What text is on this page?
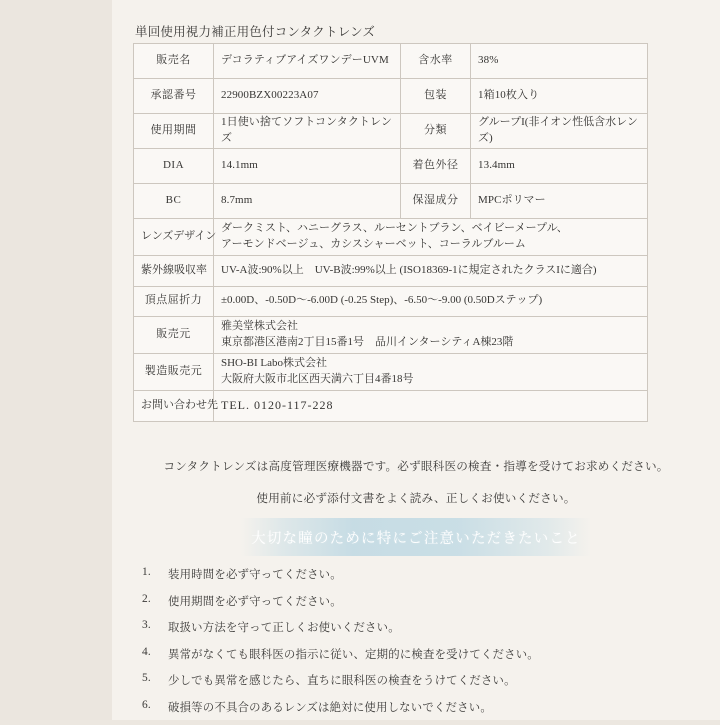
単回使用視力補正用色付コンタクトレンズ
販売名	デコラティブアイズワンデーUVM	含水率	38%
承認番号	22900BZX00223A07	包装	1箱10枚入り
使用期間	1日使い捨てソフトコンタクトレンズ	分類	グループI(非イオン性低含水レンズ)
DIA	14.1mm	着色外径	13.4mm
BC	8.7mm	保湿成分	MPCポリマー
レンズデザイン	ダークミスト、ハニーグラス、ルーセントブラン、ベイビーメープル、
アーモンドベージュ、カシスシャーベット、コーラルブルーム		

紫外線吸収率	UV-A波:90%以上　UV-B波:99%以上 (ISO18369-1に規定されたクラスIに適合)		
頂点屈折力	±0.00D、-0.50D〜-6.00D (-0.25 Step)、-6.50〜-9.00 (0.50Dステップ)		
販売元	雅美堂株式会社
東京都港区港南2丁目15番1号　品川インターシティA棟23階		

製造販売元	SHO-BI Labo株式会社
大阪府大阪市北区西天満六丁目4番18号		

お問い合わせ先	TEL. 0120-117-228		
コンタクトレンズは高度管理医療機器です。必ず眼科医の検査・指導を受けてお求めください。
使用前に必ず添付文書をよく読み、正しくお使いください。
大切な瞳のために特にご注意いただきたいこと
1. 装用時間を必ず守ってください。
2. 使用期間を必ず守ってください。
3. 取扱い方法を守って正しくお使いください。
4. 異常がなくても眼科医の指示に従い、定期的に検査を受けてください。
5. 少しでも異常を感じたら、直ちに眼科医の検査をうけてください。
6. 破損等の不具合のあるレンズは絶対に使用しないでください。
